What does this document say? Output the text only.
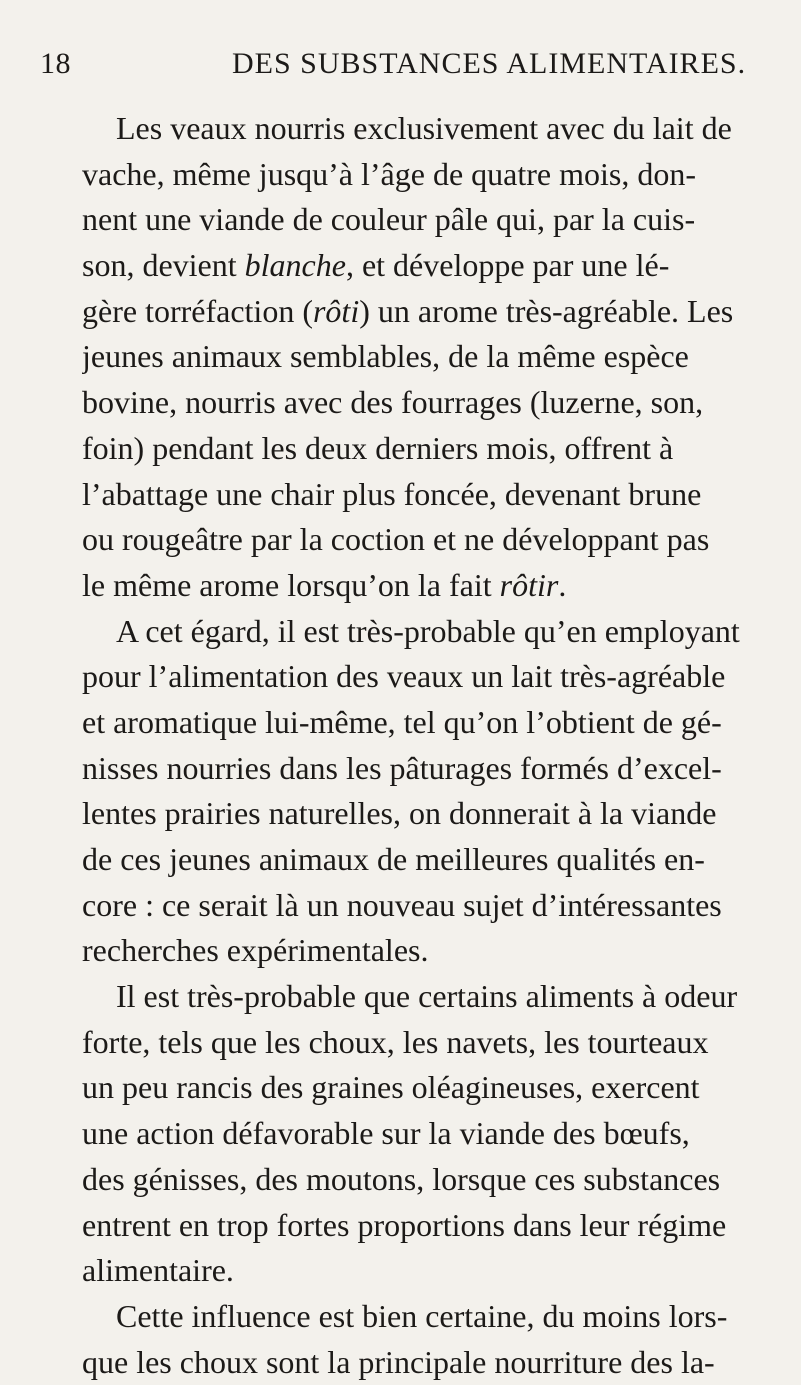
18	DES SUBSTANCES ALIMENTAIRES.
Les veaux nourris exclusivement avec du lait de
vache, même jusqu’à l’âge de quatre mois, don-
nent une viande de couleur pâle qui, par la cuis-
son, devient blanche, et développe par une lé-
gère torréfaction (rôti) un arome très-agréable. Les
jeunes animaux semblables, de la même espèce
bovine, nourris avec des fourrages (luzerne, son,
foin) pendant les deux derniers mois, offrent à
l’abattage une chair plus foncée, devenant brune
ou rougeâtre par la coction et ne développant pas
le même arome lorsqu’on la fait rôtir.
A cet égard, il est très-probable qu’en employant
pour l’alimentation des veaux un lait très-agréable
et aromatique lui-même, tel qu’on l’obtient de gé-
nisses nourries dans les pâturages formés d’excel-
lentes prairies naturelles, on donnerait à la viande
de ces jeunes animaux de meilleures qualités en-
core : ce serait là un nouveau sujet d’intéressantes
recherches expérimentales.
Il est très-probable que certains aliments à odeur
forte, tels que les choux, les navets, les tourteaux
un peu rancis des graines oléagineuses, exercent
une action défavorable sur la viande des bœufs,
des génisses, des moutons, lorsque ces substances
entrent en trop fortes proportions dans leur régime
alimentaire.
Cette influence est bien certaine, du moins lors-
que les choux sont la principale nourriture des la-
